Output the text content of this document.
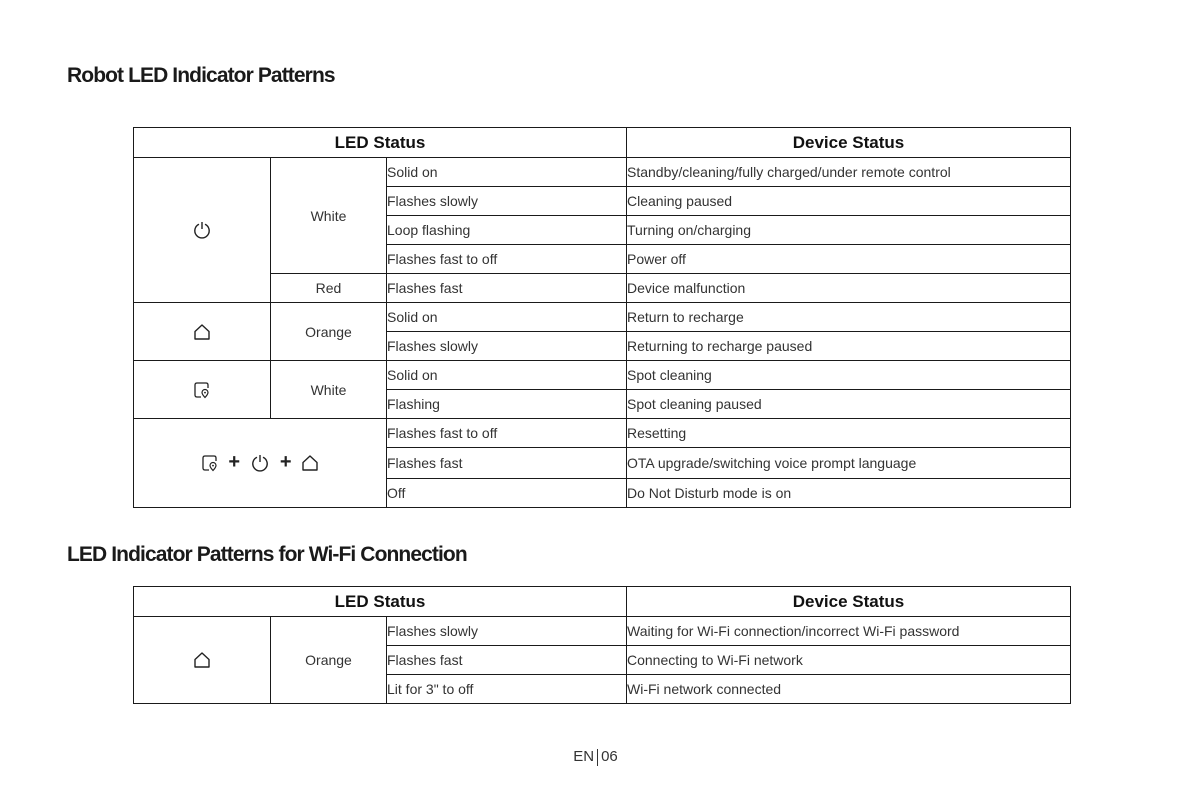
Robot LED Indicator Patterns
LED Status			Device Status
	White	Solid on	Standby/cleaning/fully charged/under remote control
		Flashes slowly	Cleaning paused
		Loop flashing	Turning on/charging
		Flashes fast to off	Power off
	Red	Flashes fast	Device malfunction
	Orange	Solid on	Return to recharge
		Flashes slowly	Returning to recharge paused
	White	Solid on	Spot cleaning
		Flashing	Spot cleaning paused
+ +		Flashes fast to off	Resetting
		Flashes fast	OTA upgrade/switching voice prompt language
		Off	Do Not Disturb mode is on
LED Indicator Patterns for Wi-Fi Connection
LED Status			Device Status
	Orange	Flashes slowly	Waiting for Wi-Fi connection/incorrect Wi-Fi password
		Flashes fast	Connecting to Wi-Fi network
		Lit for 3" to off	Wi-Fi network connected
EN 06
